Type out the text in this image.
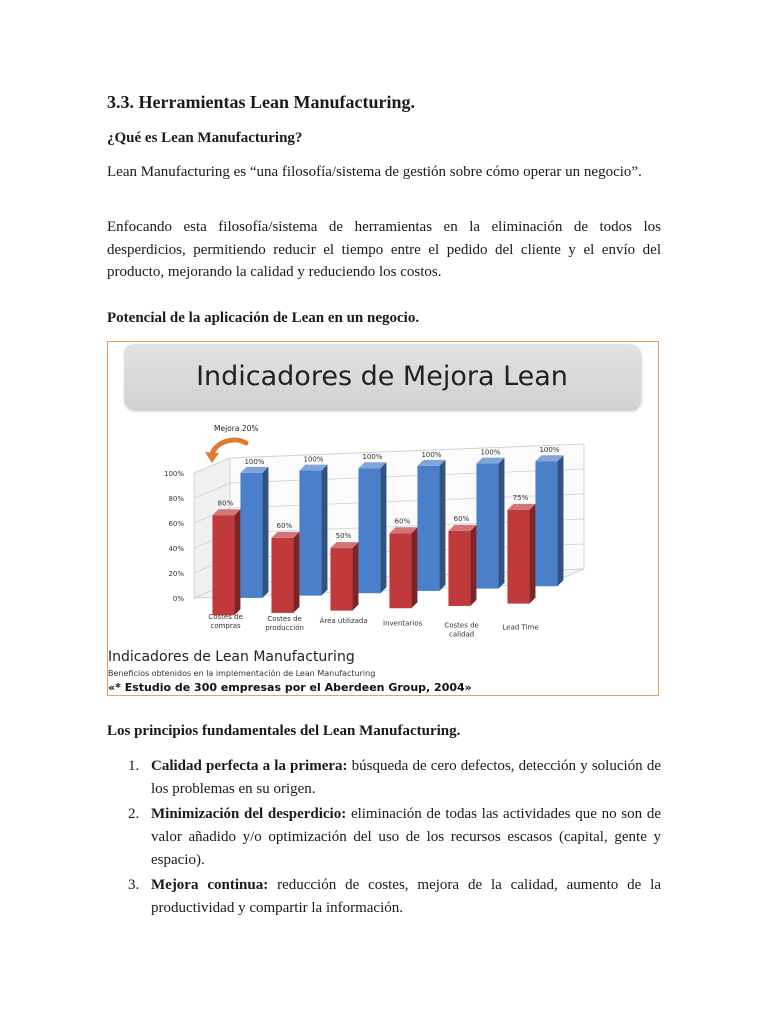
3.3. Herramientas Lean Manufacturing.

¿Qué es Lean Manufacturing?

Lean Manufacturing es “una filosofía/sistema de gestión sobre cómo operar un negocio”.

Enfocando esta filosofía/sistema de herramientas en la eliminación de todos los desperdicios, permitiendo reducir el tiempo entre el pedido del cliente y el envío del producto, mejorando la calidad y reduciendo los costos.

Potencial de la aplicación de Lean en un negocio.

Los principios fundamentales del Lean Manufacturing.

Indicadores de Mejora Lean
0%
20%
40%
60%
80%
100%
100%	100%	100%	100%	100%	100%
80%
60%
50%
60%	60%
75%
Costes de compras
Costes de producción
Área utilizada Inventarios	Costes de calidad
Lead Time
Mejora 20%

Indicadores de Lean Manufacturing

Beneficios obtenidos en la implementación de Lean Manufacturing

«* Estudio de 300 empresas por el Aberdeen Group, 2004»

1. Calidad perfecta a la primera: búsqueda de cero defectos, detección y solución de los problemas en su origen.
2. Minimización del desperdicio: eliminación de todas las actividades que no son de valor añadido y/o optimización del uso de los recursos escasos (capital, gente y espacio).
3. Mejora continua: reducción de costes, mejora de la calidad, aumento de la productividad y compartir la información.
